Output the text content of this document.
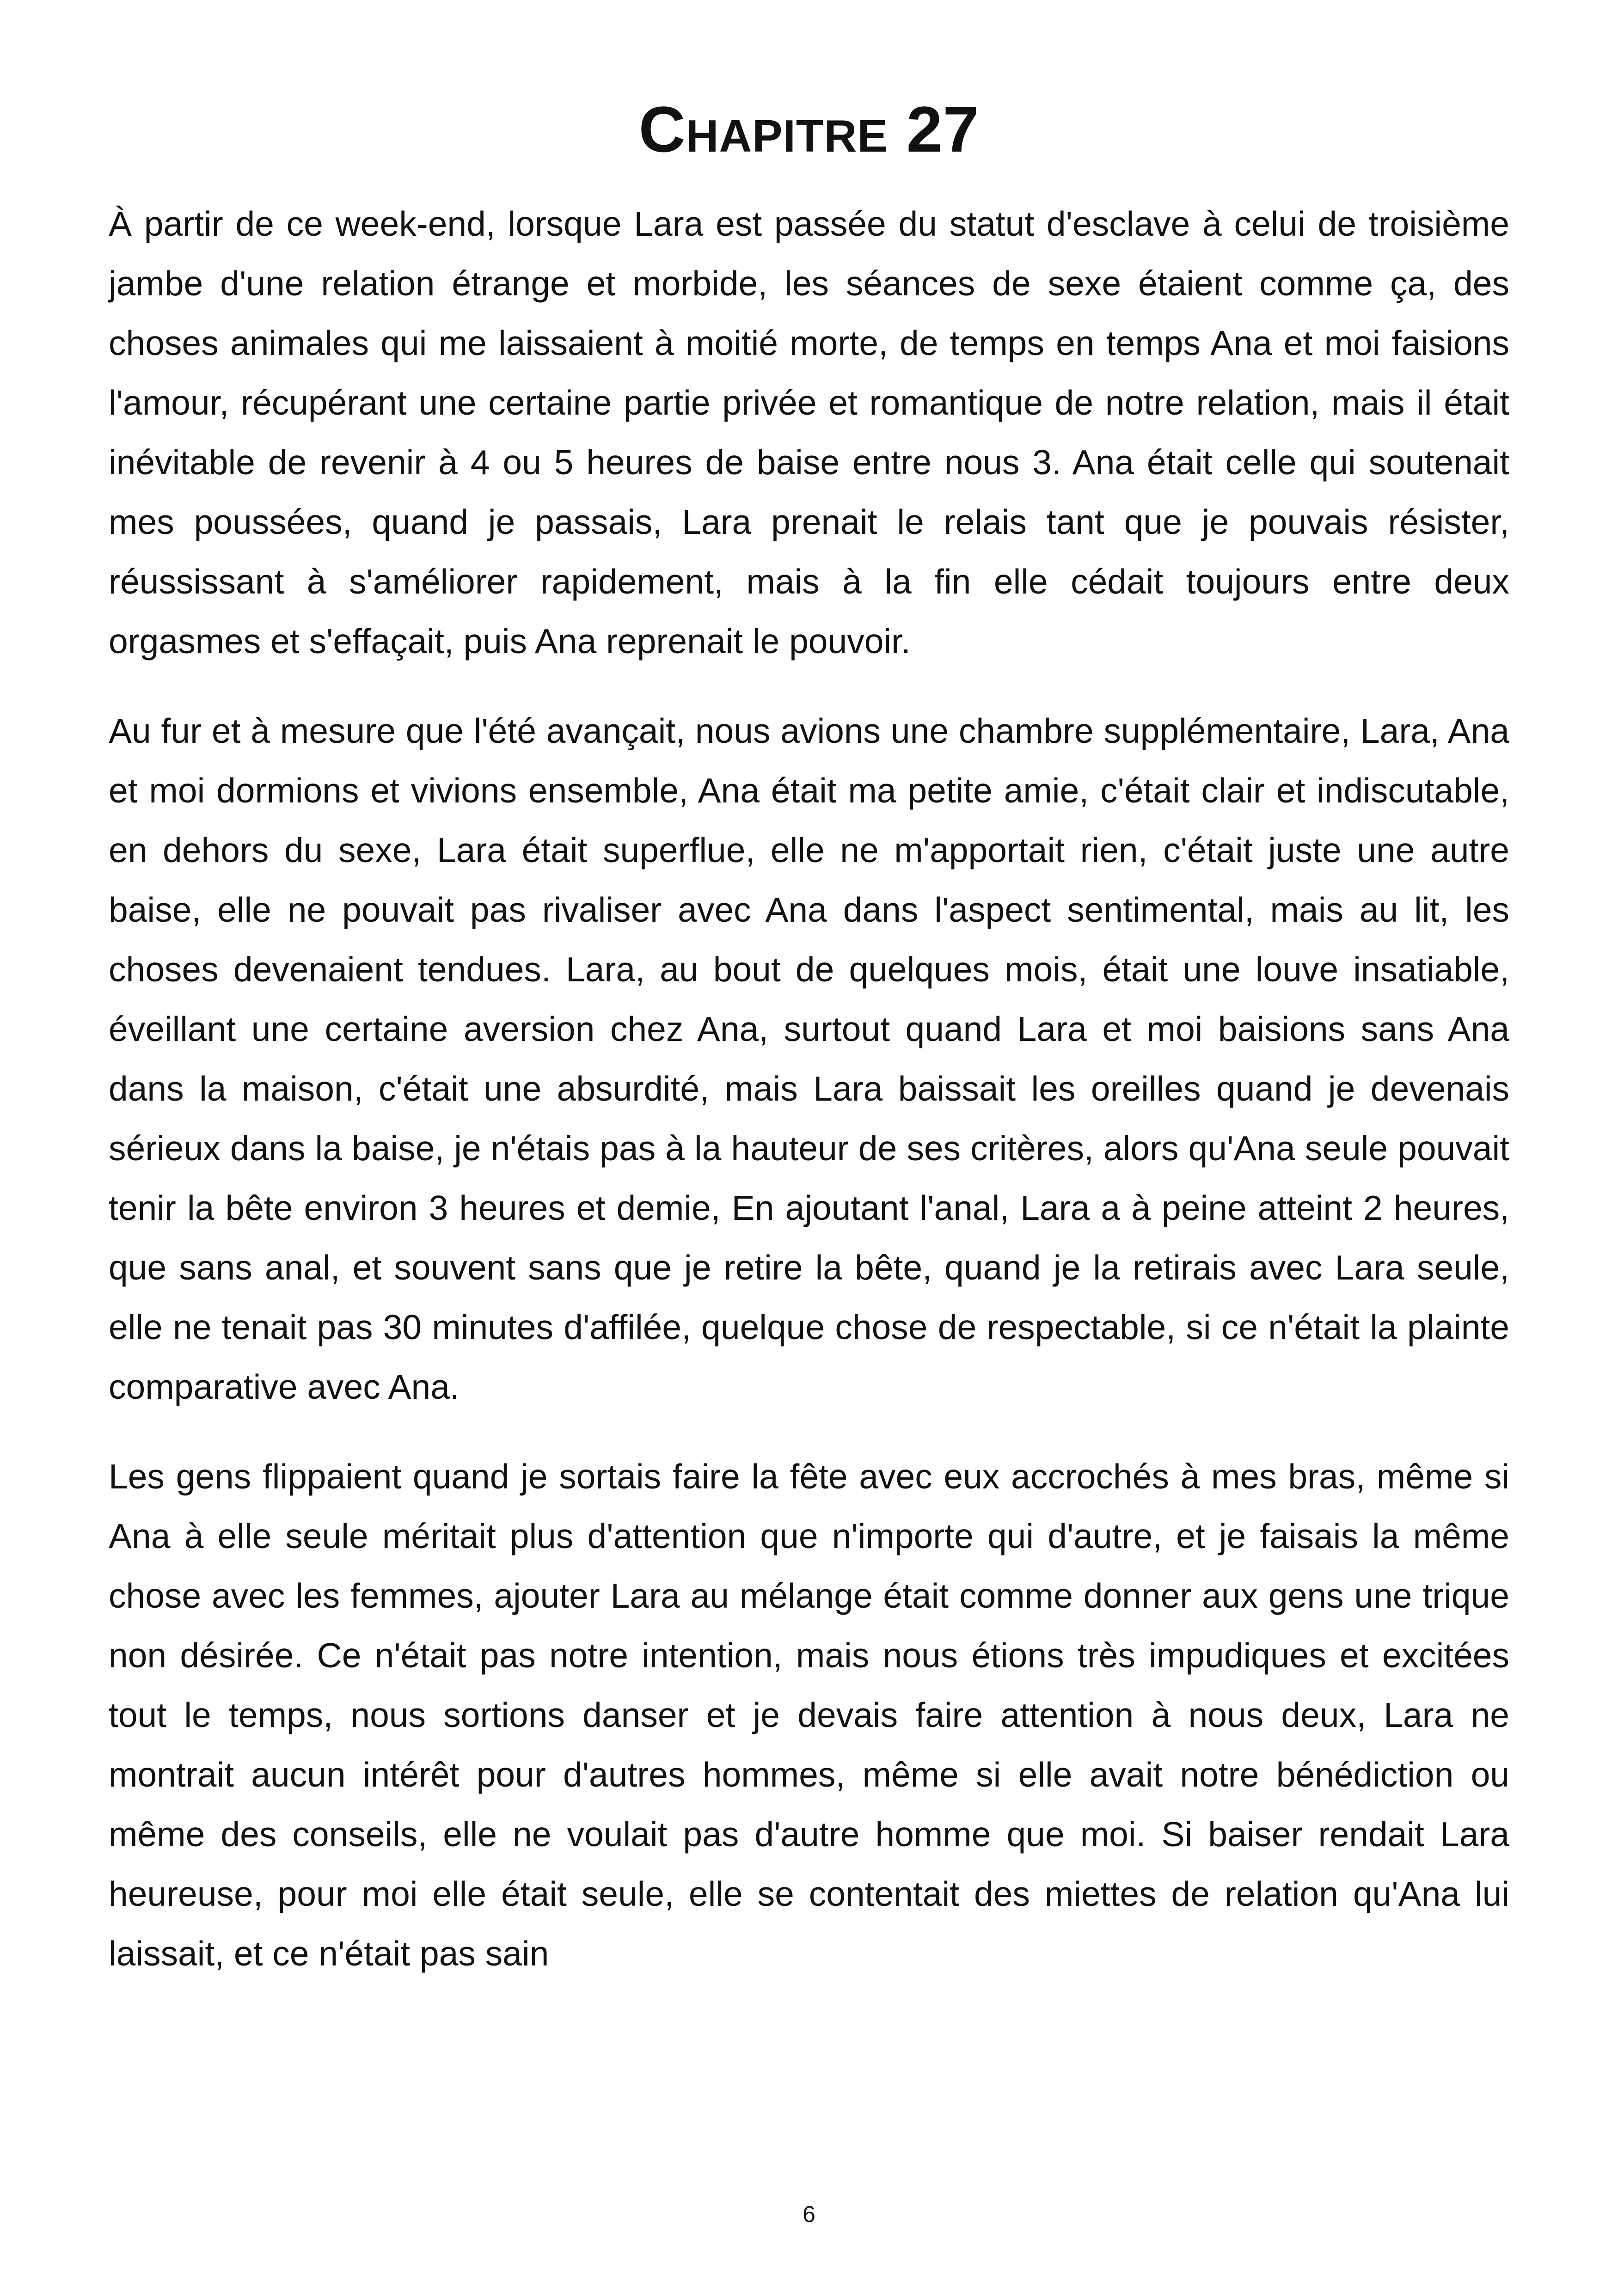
Chapitre 27

À partir de ce week-end, lorsque Lara est passée du statut d'esclave à celui de troisième jambe d'une relation étrange et morbide, les séances de sexe étaient comme ça, des choses animales qui me laissaient à moitié morte, de temps en temps Ana et moi faisions l'amour, récupérant une certaine partie privée et romantique de notre relation, mais il était inévitable de revenir à 4 ou 5 heures de baise entre nous 3. Ana était celle qui soutenait mes poussées, quand je passais, Lara prenait le relais tant que je pouvais résister, réussissant à s'améliorer rapidement, mais à la fin elle cédait toujours entre deux orgasmes et s'effaçait, puis Ana reprenait le pouvoir.

Au fur et à mesure que l'été avançait, nous avions une chambre supplémentaire, Lara, Ana et moi dormions et vivions ensemble, Ana était ma petite amie, c'était clair et indiscutable, en dehors du sexe, Lara était superflue, elle ne m'apportait rien, c'était juste une autre baise, elle ne pouvait pas rivaliser avec Ana dans l'aspect sentimental, mais au lit, les choses devenaient tendues. Lara, au bout de quelques mois, était une louve insatiable, éveillant une certaine aversion chez Ana, surtout quand Lara et moi baisions sans Ana dans la maison, c'était une absurdité, mais Lara baissait les oreilles quand je devenais sérieux dans la baise, je n'étais pas à la hauteur de ses critères, alors qu'Ana seule pouvait tenir la bête environ 3 heures et demie, En ajoutant l'anal, Lara a à peine atteint 2 heures, que sans anal, et souvent sans que je retire la bête, quand je la retirais avec Lara seule, elle ne tenait pas 30 minutes d'affilée, quelque chose de respectable, si ce n'était la plainte comparative avec Ana.

Les gens flippaient quand je sortais faire la fête avec eux accrochés à mes bras, même si Ana à elle seule méritait plus d'attention que n'importe qui d'autre, et je faisais la même chose avec les femmes, ajouter Lara au mélange était comme donner aux gens une trique non désirée. Ce n'était pas notre intention, mais nous étions très impudiques et excitées tout le temps, nous sortions danser et je devais faire attention à nous deux, Lara ne montrait aucun intérêt pour d'autres hommes, même si elle avait notre bénédiction ou même des conseils, elle ne voulait pas d'autre homme que moi. Si baiser rendait Lara heureuse, pour moi elle était seule, elle se contentait des miettes de relation qu'Ana lui laissait, et ce n'était pas sain

6
